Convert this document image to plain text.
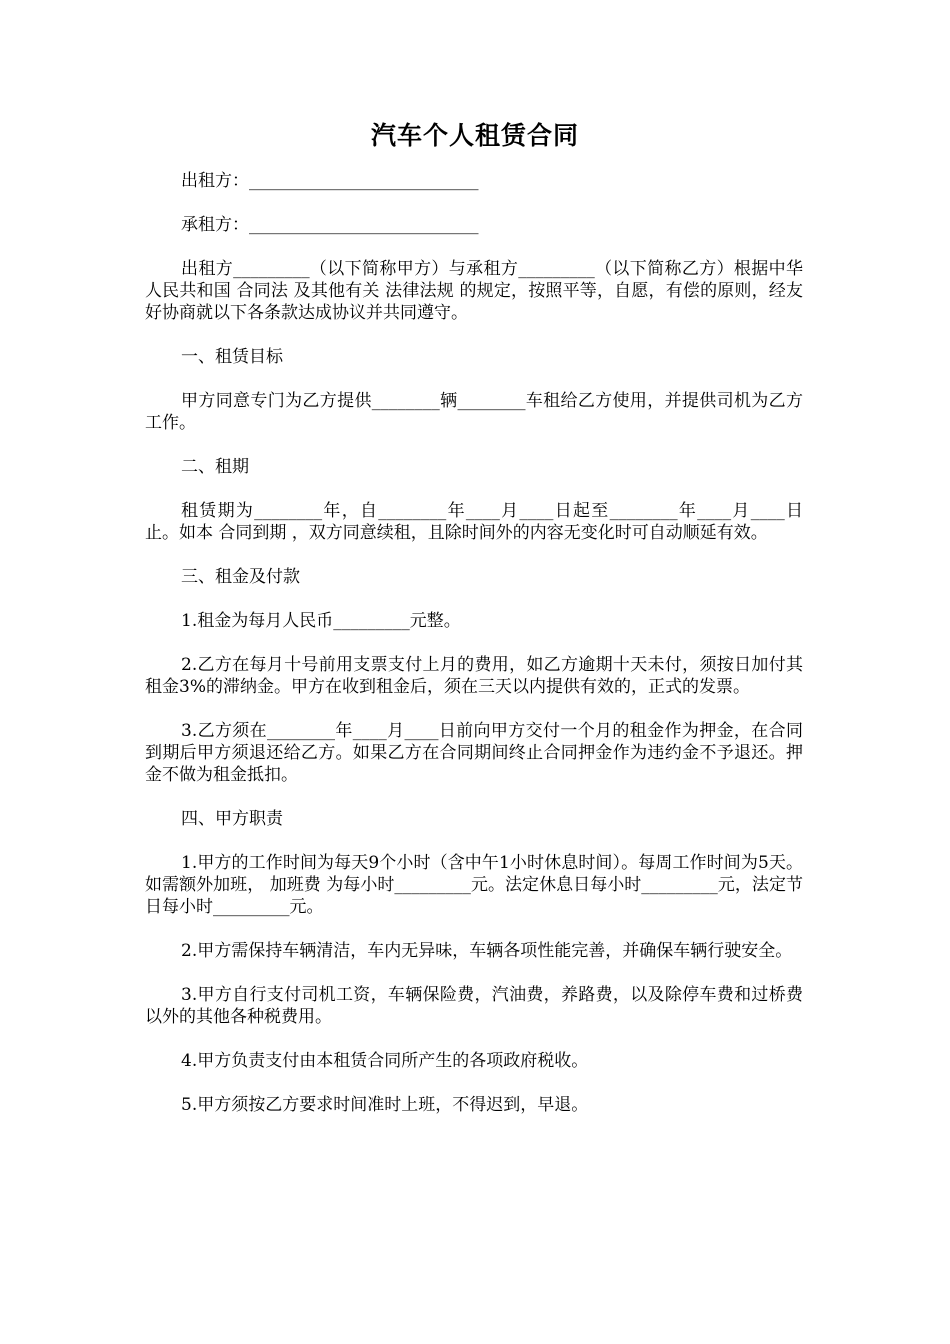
汽车个人租赁合同

出租方：___________________________

承租方：___________________________

出租方_________（以下简称甲方）与承租方_________（以下简称乙方）根据中华人民共和国 合同法 及其他有关 法律法规 的规定，按照平等，自愿，有偿的原则，经友好协商就以下各条款达成协议并共同遵守。

一、租赁目标

甲方同意专门为乙方提供________辆________车租给乙方使用，并提供司机为乙方工作。

二、租期

租赁期为________年，自________年____月____日起至________年____月____日止。如本 合同到期 ，双方同意续租，且除时间外的内容无变化时可自动顺延有效。

三、租金及付款

1.租金为每月人民币_________元整。

2.乙方在每月十号前用支票支付上月的费用，如乙方逾期十天未付，须按日加付其租金3%的滞纳金。甲方在收到租金后，须在三天以内提供有效的，正式的发票。

3.乙方须在________年____月____日前向甲方交付一个月的租金作为押金，在合同到期后甲方须退还给乙方。如果乙方在合同期间终止合同押金作为违约金不予退还。押金不做为租金抵扣。

四、甲方职责

1.甲方的工作时间为每天9个小时（含中午1小时休息时间）。每周工作时间为5天。如需额外加班， 加班费 为每小时_________元。法定休息日每小时_________元，法定节日每小时_________元。

2.甲方需保持车辆清洁，车内无异味，车辆各项性能完善，并确保车辆行驶安全。

3.甲方自行支付司机工资，车辆保险费，汽油费，养路费，以及除停车费和过桥费以外的其他各种税费用。

4.甲方负责支付由本租赁合同所产生的各项政府税收。

5.甲方须按乙方要求时间准时上班，不得迟到，早退。
